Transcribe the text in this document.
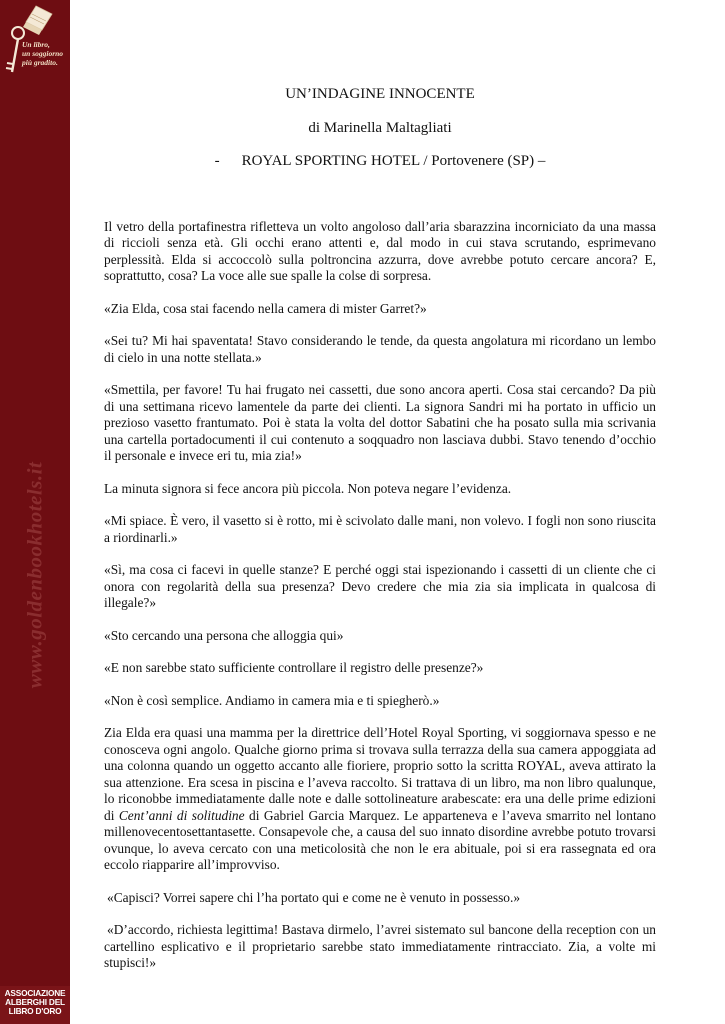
Un libro,
un soggiorno
più gradito.
www.goldenbookhotels.it
ASSOCIAZIONE
ALBERGHI DEL
LIBRO D'ORO
UN’INDAGINE INNOCENTE
di Marinella Maltagliati
- ROYAL SPORTING HOTEL / Portovenere (SP) –

Il vetro della portafinestra rifletteva un volto angoloso dall’aria sbarazzina incorniciato da una massa di riccioli senza età. Gli occhi erano attenti e, dal modo in cui stava scrutando, esprimevano perplessità. Elda si accoccolò sulla poltroncina azzurra, dove avrebbe potuto cercare ancora? E, soprattutto, cosa? La voce alle sue spalle la colse di sorpresa.

«Zia Elda, cosa stai facendo nella camera di mister Garret?»

«Sei tu? Mi hai spaventata! Stavo considerando le tende, da questa angolatura mi ricordano un lembo di cielo in una notte stellata.»

«Smettila, per favore! Tu hai frugato nei cassetti, due sono ancora aperti. Cosa stai cercando? Da più di una settimana ricevo lamentele da parte dei clienti. La signora Sandri mi ha portato in ufficio un prezioso vasetto frantumato. Poi è stata la volta del dottor Sabatini che ha posato sulla mia scrivania una cartella portadocumenti il cui contenuto a soqquadro non lasciava dubbi. Stavo tenendo d’occhio il personale e invece eri tu, mia zia!»

La minuta signora si fece ancora più piccola. Non poteva negare l’evidenza.

«Mi spiace. È vero, il vasetto si è rotto, mi è scivolato dalle mani, non volevo. I fogli non sono riuscita a riordinarli.»

«Sì, ma cosa ci facevi in quelle stanze? E perché oggi stai ispezionando i cassetti di un cliente che ci onora con regolarità della sua presenza? Devo credere che mia zia sia implicata in qualcosa di illegale?»

«Sto cercando una persona che alloggia qui»

«E non sarebbe stato sufficiente controllare il registro delle presenze?»

«Non è così semplice. Andiamo in camera mia e ti spiegherò.»

Zia Elda era quasi una mamma per la direttrice dell’Hotel Royal Sporting, vi soggiornava spesso e ne conosceva ogni angolo. Qualche giorno prima si trovava sulla terrazza della sua camera appoggiata ad una colonna quando un oggetto accanto alle fioriere, proprio sotto la scritta ROYAL, aveva attirato la sua attenzione. Era scesa in piscina e l’aveva raccolto. Si trattava di un libro, ma non libro qualunque, lo riconobbe immediatamente dalle note e dalle sottolineature arabescate: era una delle prime edizioni di Cent’anni di solitudine di Gabriel Garcia Marquez. Le apparteneva e l’aveva smarrito nel lontano millenovecentosettantasette. Consapevole che, a causa del suo innato disordine avrebbe potuto trovarsi ovunque, lo aveva cercato con una meticolosità che non le era abituale, poi si era rassegnata ed ora eccolo riapparire all’improvviso.

«Capisci? Vorrei sapere chi l’ha portato qui e come ne è venuto in possesso.»

«D’accordo, richiesta legittima! Bastava dirmelo, l’avrei sistemato sul bancone della reception con un cartellino esplicativo e il proprietario sarebbe stato immediatamente rintracciato. Zia, a volte mi stupisci!»
